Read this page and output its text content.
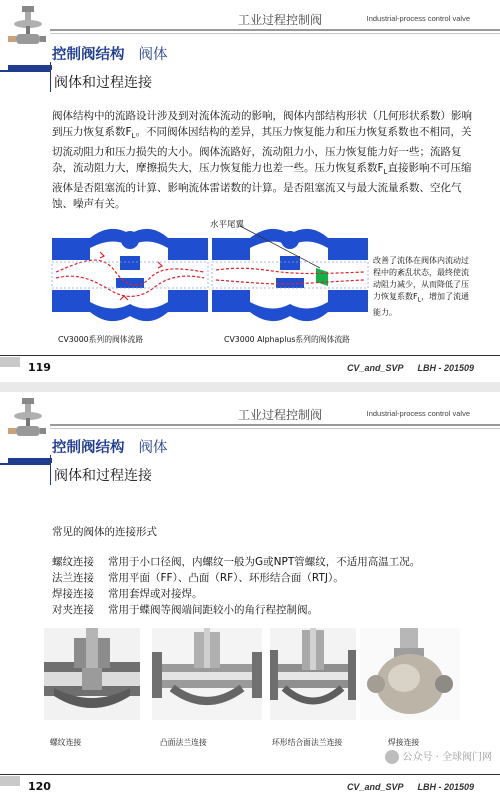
工业过程控制阀	Industrial-process control valve
控制阀结构 阀体
阀体和过程连接
阀体结构中的流路设计涉及到对流体流动的影响，阀体内部结构形状（几何形状系数）影响到压力恢复系数$F_L$。不同阀体因结构的差异，其压力恢复能力和压力恢复系数也不相同，关切流动阻力和压力损失的大小。阀体流路好，流动阻力小，压力恢复能力好一些；流路复杂，流动阻力大，摩擦损失大，压力恢复能力也差一些。压力恢复系数$F_L$直接影响不可压缩液体是否阻塞流的计算、影响流体雷诺数的计算。是否阻塞流又与最大流量系数、空化气蚀、噪声有关。
水平尾翼
改善了流体在阀体内流动过程中的紊乱状态，最终使流动阻力减少，从而降低了压力恢复系数$F_L$，增加了流通能力。
CV3000系列的阀体流路	CV3000 Alphaplus系列的阀体流路
119	CV_and_SVP LBH - 201509
工业过程控制阀	Industrial-process control valve
控制阀结构 阀体
阀体和过程连接
常见的阀体的连接形式
螺纹连接 常用于小口径阀，内螺纹一般为G或NPT管螺纹，不适用高温工况。
法兰连接 常用平面（FF）、凸面（RF）、环形结合面（RTJ）。
焊接连接 常用套焊或对接焊。
对夹连接 常用于蝶阀等阀端间距较小的角行程控制阀。
螺纹连接	凸面法兰连接	环形结合面法兰连接	焊接连接
公众号 · 全球阀门网
120	CV_and_SVP LBH - 201509
